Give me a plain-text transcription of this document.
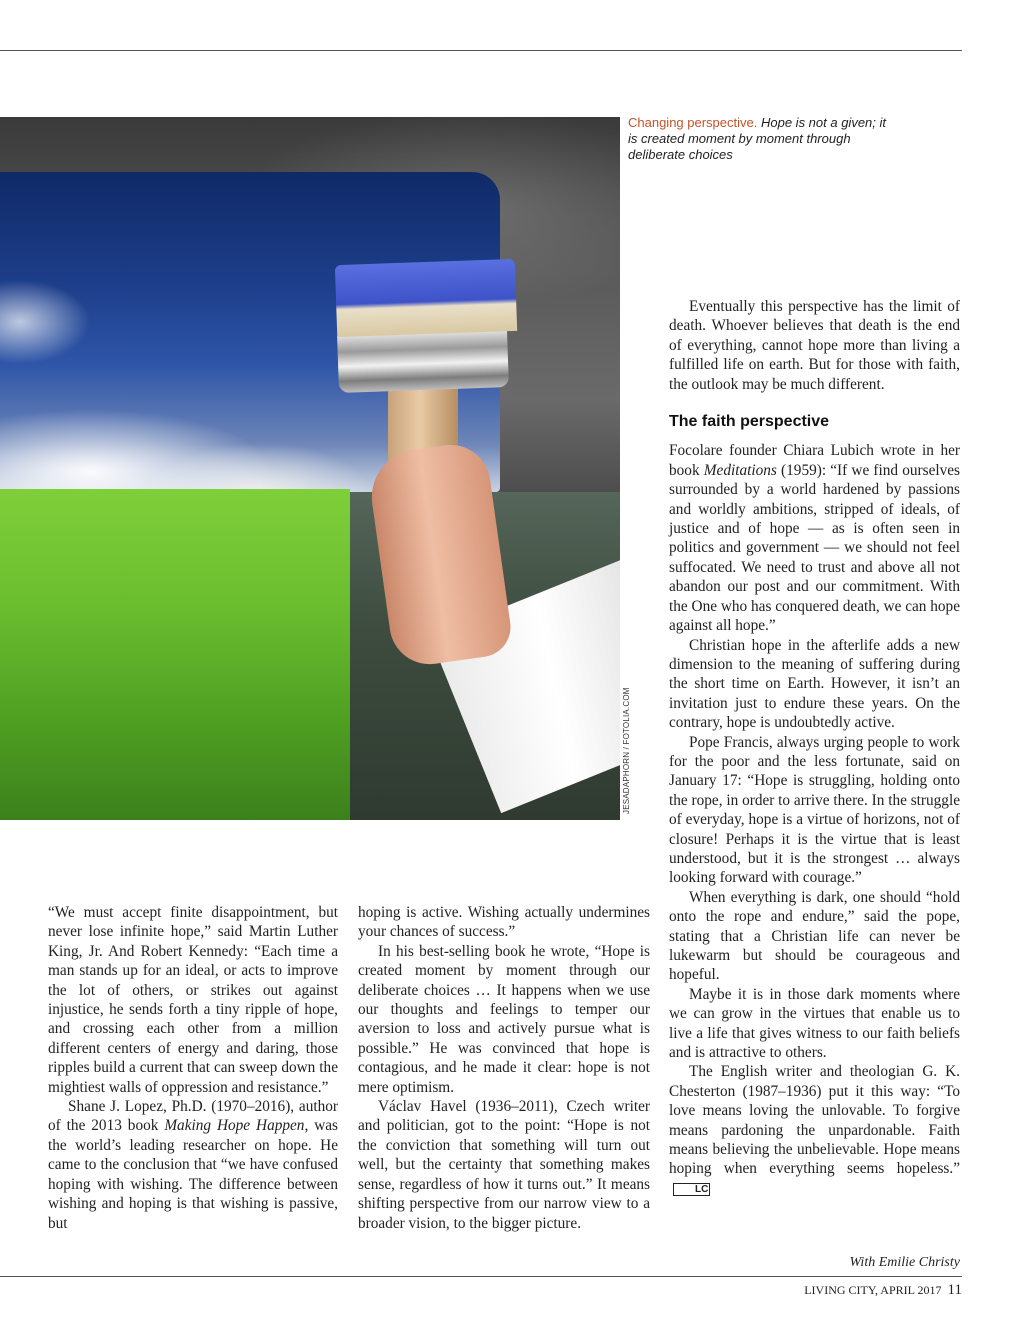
JESADAPHORN / FOTOLIA.COM
Changing perspective. Hope is not a given; it is created moment by moment through deliberate choices

“We must accept finite disappointment, but never lose infinite hope,” said Martin Luther King, Jr. And Robert Kennedy: “Each time a man stands up for an ideal, or acts to improve the lot of others, or strikes out against injustice, he sends forth a tiny ripple of hope, and crossing each other from a million different centers of energy and daring, those ripples build a current that can sweep down the mightiest walls of oppression and resistance.”

Shane J. Lopez, Ph.D. (1970–2016), author of the 2013 book Making Hope Happen, was the world’s leading researcher on hope. He came to the conclusion that “we have confused hoping with wishing. The difference between wishing and hoping is that wishing is passive, but

hoping is active. Wishing actually undermines your chances of success.”

In his best-selling book he wrote, “Hope is created moment by moment through our deliberate choices … It happens when we use our thoughts and feelings to temper our aversion to loss and actively pursue what is possible.” He was convinced that hope is contagious, and he made it clear: hope is not mere optimism.

Václav Havel (1936–2011), Czech writer and politician, got to the point: “Hope is not the conviction that something will turn out well, but the certainty that something makes sense, regardless of how it turns out.” It means shifting perspective from our narrow view to a broader vision, to the bigger picture.

Eventually this perspective has the limit of death. Whoever believes that death is the end of everything, cannot hope more than living a fulfilled life on earth. But for those with faith, the outlook may be much different.

The faith perspective

Focolare founder Chiara Lubich wrote in her book Meditations (1959): “If we find ourselves surrounded by a world hardened by passions and worldly ambitions, stripped of ideals, of justice and of hope — as is often seen in politics and government — we should not feel suffocated. We need to trust and above all not abandon our post and our commitment. With the One who has conquered death, we can hope against all hope.”

Christian hope in the afterlife adds a new dimension to the meaning of suffering during the short time on Earth. However, it isn’t an invitation just to endure these years. On the contrary, hope is undoubtedly active.

Pope Francis, always urging people to work for the poor and the less fortunate, said on January 17: “Hope is struggling, holding onto the rope, in order to arrive there. In the struggle of everyday, hope is a virtue of horizons, not of closure! Perhaps it is the virtue that is least understood, but it is the strongest … always looking forward with courage.”

When everything is dark, one should “hold onto the rope and endure,” said the pope, stating that a Christian life can never be lukewarm but should be courageous and hopeful.

Maybe it is in those dark moments where we can grow in the virtues that enable us to live a life that gives witness to our faith beliefs and is attractive to others.

The English writer and theologian G. K. Chesterton (1987–1936) put it this way: “To love means loving the unlovable. To forgive means pardoning the unpardonable. Faith means believing the unbelievable. Hope means hoping when everything seems hopeless.”LC

With Emilie Christy
LIVING CITY, APRIL 2017 11
